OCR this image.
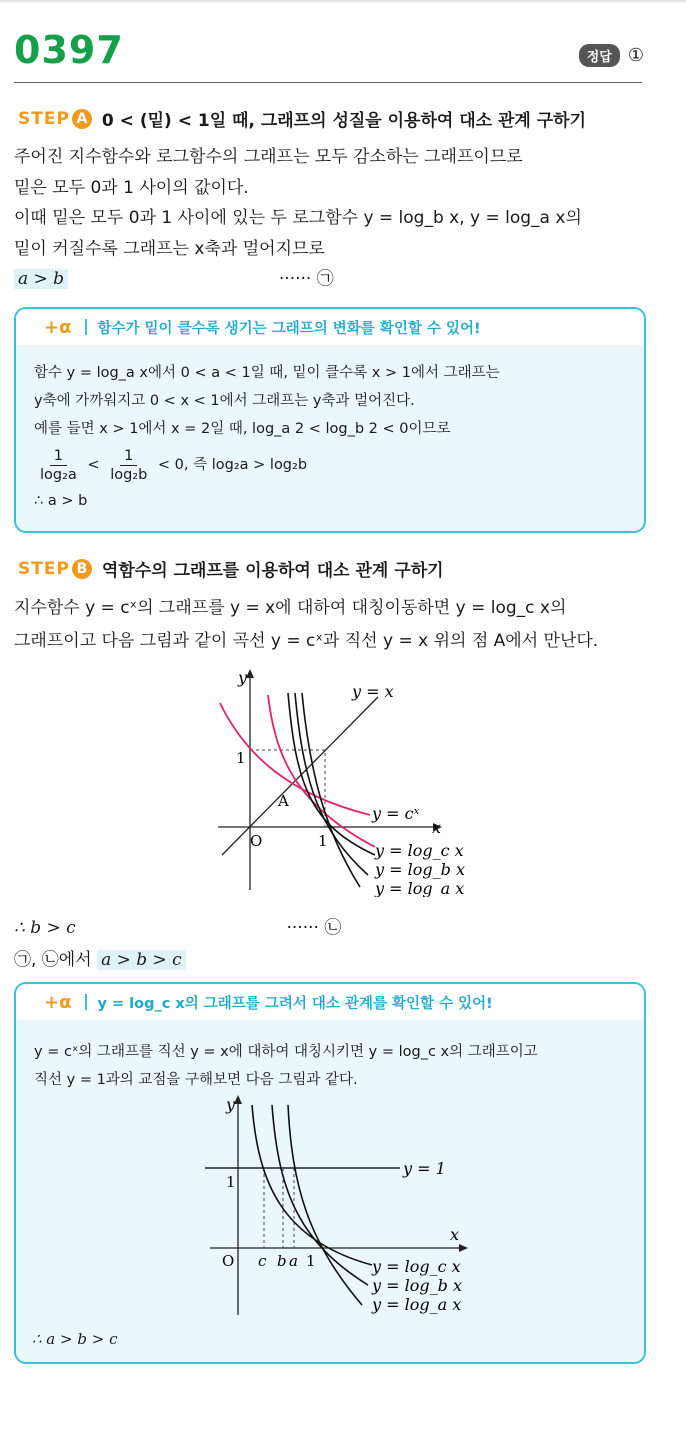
0397	정답 ①
STEP A 0 < (밑) < 1일 때, 그래프의 성질을 이용하여 대소 관계 구하기

주어진 지수함수와 로그함수의 그래프는 모두 감소하는 그래프이므로

밑은 모두 0과 1 사이의 값이다.

이때 밑은 모두 0과 1 사이에 있는 두 로그함수 y = log_b x, y = log_a x의

밑이 커질수록 그래프는 x축과 멀어지므로

a > b	······ ㉠

+α 함수가 밑이 클수록 생기는 그래프의 변화를 확인할 수 있어!

함수 y = log_a x에서 0 < a < 1일 때, 밑이 클수록 x > 1에서 그래프는

y축에 가까워지고 0 < x < 1에서 그래프는 y축과 멀어진다.

예를 들면 x > 1에서 x = 2일 때, log_a 2 < log_b 2 < 0이므로

$\frac{1}{\text{log₂a}} < \frac{1}{\text{log₂b}} < 0$, 즉 log₂a > log₂b

∴ a > b

STEP B 역함수의 그래프를 이용하여 대소 관계 구하기

지수함수 y = cˣ의 그래프를 y = x에 대하여 대칭이동하면 y = log_c x의

그래프이고 다음 그림과 같이 곡선 y = cˣ과 직선 y = x 위의 점 A에서 만난다.

y
x
O	1
1
A
y = x
y = cˣ
y = log_c x
y = log_b x
y = log_a x

∴ b > c	······ ㉡

㉠, ㉡에서 a > b > c

+α y = log_c x의 그래프를 그려서 대소 관계를 확인할 수 있어!

y = cˣ의 그래프를 직선 y = x에 대하여 대칭시키면 y = log_c x의 그래프이고

직선 y = 1과의 교점을 구해보면 다음 그림과 같다.

y
x
O
1
c b a 1
y = 1
y = log_c x
y = log_b x
y = log_a x
∴ a > b > c
